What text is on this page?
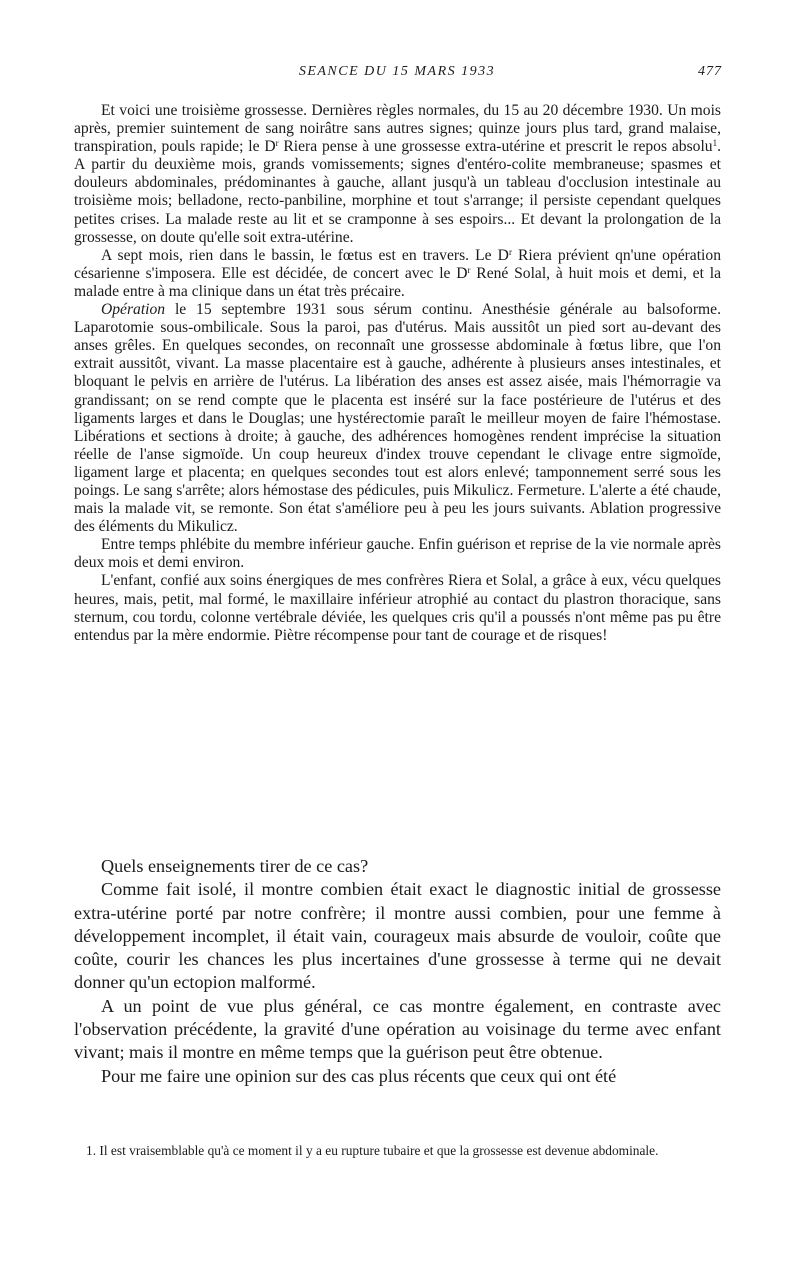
SEANCE DU 15 MARS 1933	477

Et voici une troisième grossesse. Dernières règles normales, du 15 au 20 décembre 1930. Un mois après, premier suintement de sang noirâtre sans autres signes; quinze jours plus tard, grand malaise, transpiration, pouls rapide; le $D^r$ Riera pense à une grossesse extra-utérine et prescrit le repos absolu$^1$. A partir du deuxième mois, grands vomissements; signes d'entéro-colite membraneuse; spasmes et douleurs abdominales, prédominantes à gauche, allant jusqu'à un tableau d'occlusion intestinale au troisième mois; belladone, recto-panbiline, morphine et tout s'arrange; il persiste cependant quelques petites crises. La malade reste au lit et se cramponne à ses espoirs... Et devant la prolongation de la grossesse, on doute qu'elle soit extra-utérine.

A sept mois, rien dans le bassin, le fœtus est en travers. Le $D^r$ Riera prévient qn'une opération césarienne s'imposera. Elle est décidée, de concert avec le $D^r$ René Solal, à huit mois et demi, et la malade entre à ma clinique dans un état très précaire.

Opération le 15 septembre 1931 sous sérum continu. Anesthésie générale au balsoforme. Laparotomie sous-ombilicale. Sous la paroi, pas d'utérus. Mais aussitôt un pied sort au-devant des anses grêles. En quelques secondes, on reconnaît une grossesse abdominale à fœtus libre, que l'on extrait aussitôt, vivant. La masse placentaire est à gauche, adhérente à plusieurs anses intestinales, et bloquant le pelvis en arrière de l'utérus. La libération des anses est assez aisée, mais l'hémorragie va grandissant; on se rend compte que le placenta est inséré sur la face postérieure de l'utérus et des ligaments larges et dans le Douglas; une hystérectomie paraît le meilleur moyen de faire l'hémostase. Libérations et sections à droite; à gauche, des adhérences homogènes rendent imprécise la situation réelle de l'anse sigmoïde. Un coup heureux d'index trouve cependant le clivage entre sigmoïde, ligament large et placenta; en quelques secondes tout est alors enlevé; tamponnement serré sous les poings. Le sang s'arrête; alors hémostase des pédicules, puis Mikulicz. Fermeture. L'alerte a été chaude, mais la malade vit, se remonte. Son état s'améliore peu à peu les jours suivants. Ablation progressive des éléments du Mikulicz.

Entre temps phlébite du membre inférieur gauche. Enfin guérison et reprise de la vie normale après deux mois et demi environ.

L'enfant, confié aux soins énergiques de mes confrères Riera et Solal, a grâce à eux, vécu quelques heures, mais, petit, mal formé, le maxillaire inférieur atrophié au contact du plastron thoracique, sans sternum, cou tordu, colonne vertébrale déviée, les quelques cris qu'il a poussés n'ont même pas pu être entendus par la mère endormie. Piètre récompense pour tant de courage et de risques!

Quels enseignements tirer de ce cas?

Comme fait isolé, il montre combien était exact le diagnostic initial de grossesse extra-utérine porté par notre confrère; il montre aussi combien, pour une femme à développement incomplet, il était vain, courageux mais absurde de vouloir, coûte que coûte, courir les chances les plus incertaines d'une grossesse à terme qui ne devait donner qu'un ectopion malformé.

A un point de vue plus général, ce cas montre également, en contraste avec l'observation précédente, la gravité d'une opération au voisinage du terme avec enfant vivant; mais il montre en même temps que la guérison peut être obtenue.

Pour me faire une opinion sur des cas plus récents que ceux qui ont été

1. Il est vraisemblable qu'à ce moment il y a eu rupture tubaire et que la grossesse est devenue abdominale.
